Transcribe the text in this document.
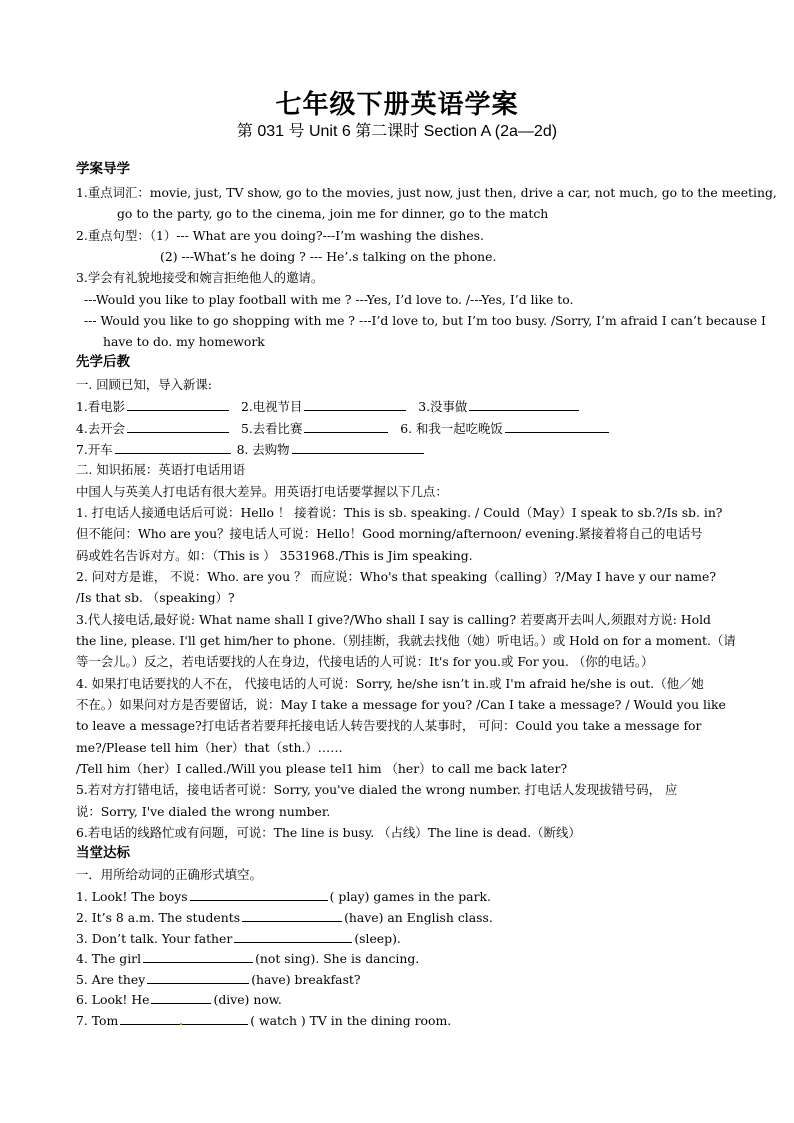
七年级下册英语学案
第 031 号 Unit 6 第二课时 Section A (2a—2d)
学案导学
1.重点词汇：movie, just, TV show, go to the movies, just now, just then, drive a car, not much, go to the meeting,
go to the party, go to the cinema, join me for dinner, go to the match
2.重点句型：（1）--- What are you doing?---I’m washing the dishes.
(2) ---What’s he doing ? --- He’.s talking on the phone.
3.学会有礼貌地接受和婉言拒绝他人的邀请。
---Would you like to play football with me ? ---Yes, I’d love to. /---Yes, I’d like to.
--- Would you like to go shopping with me ? ---I’d love to, but I’m too busy. /Sorry, I’m afraid I can’t because I
have to do. my homework
先学后教
一. 回顾已知，导入新课:
1.看电影	2.电视节目	3.没事做
4.去开会	5.去看比赛	6. 和我一起吃晚饭
7.开车	8. 去购物
二. 知识拓展：英语打电话用语
中国人与英美人打电话有很大差异。用英语打电话要掌握以下几点：
1. 打电话人接通电话后可说：Hello ！ 接着说：This is sb. speaking. / Could（May）I speak to sb.?/Is sb. in?
但不能问：Who are you？接电话人可说：Hello！Good morning/afternoon/ evening.紧接着将自己的电话号
码或姓名告诉对方。如：（This is ） 3531968./This is Jim speaking.
2. 问对方是谁， 不说：Who. are you ？ 而应说：Who's that speaking（calling）?/May I have y our name?
/Is that sb. （speaking）?
3.代人接电话,最好说: What name shall I give?/Who shall I say is calling? 若要离开去叫人,须跟对方说: Hold
the line, please. I'll get him/her to phone.（别挂断，我就去找他（她）听电话。）或 Hold on for a moment.（请
等一会儿。）反之，若电话要找的人在身边，代接电话的人可说：It's for you.或 For you. （你的电话。）
4. 如果打电话要找的人不在， 代接电话的人可说：Sorry, he/she isn’t in.或 I'm afraid he/she is out.（他／她
不在。）如果问对方是否要留话，说：May I take a message for you? /Can I take a message? / Would you like
to leave a message?打电话者若要拜托接电话人转告要找的人某事时， 可问：Could you take a message for
me?/Please tell him（her）that（sth.）……
/Tell him（her）I called./Will you please tel1 him （her）to call me back later?
5.若对方打错电话，接电话者可说：Sorry, you've dialed the wrong number. 打电话人发现拔错号码， 应
说：Sorry, I've dialed the wrong number.
6.若电话的线路忙或有问题，可说：The line is busy. （占线）The line is dead.（断线）
当堂达标
一．用所给动词的正确形式填空。
1. Look! The boys	( play) games in the park.
2. It’s 8 a.m. The students	(have) an English class.
3. Don’t talk. Your father	(sleep).
4. The girl	(not sing). She is dancing.
5. Are they	(have) breakfast?
6. Look! He	(dive) now.
7. Tom	( watch ) TV in the dining room.
